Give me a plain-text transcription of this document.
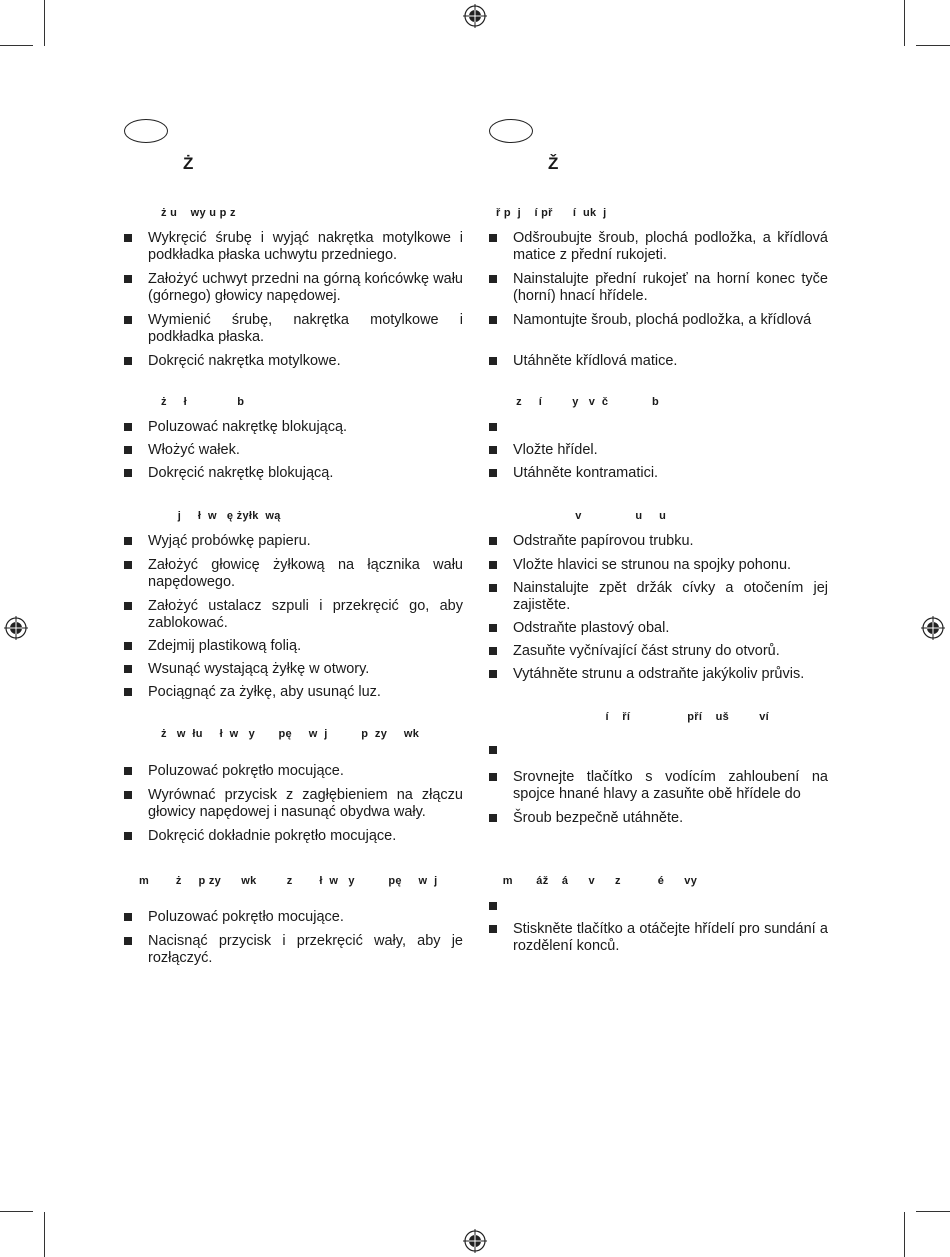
Ż
ż u    wy u p z
Wykręcić śrubę i wyjąć nakrętka motylkowe i podkładka płaska uchwytu przedniego.
Założyć uchwyt przedni na górną końcówkę wału (górnego) głowicy napędowej.
Wymienić śrubę, nakrętka motylkowe i podkładka płaska.
Dokręcić nakrętka motylkowe.
ż     ł               b
Poluzować nakrętkę blokującą.
Włożyć wałek.
Dokręcić nakrętkę blokującą.
j     ł  w   ę żyłk  wą
Wyjąć probówkę papieru.
Założyć głowicę żyłkową na łącznika wału napędowego.
Założyć ustalacz szpuli i przekręcić go, aby zablokować.
Zdejmij plastikową folią.
Wsunąć wystającą żyłkę w otwory.
Pociągnąć za żyłkę, aby usunąć luz.
ż   w  łu     ł  w   y       pę     w  j          p  zy     wk
Poluzować pokrętło mocujące.
Wyrównać przycisk z zagłębieniem na złączu głowicy napędowej i nasunąć obydwa wały.
Dokręcić dokładnie pokrętło mocujące.
m        ż     p zy      wk         z        ł  w   y          pę     w  j
Poluzować pokrętło mocujące.
Nacisnąć przycisk i przekręcić wały, aby je rozłączyć.
Ž
ř p  j    í př      í  uk  j
Odšroubujte šroub, plochá podložka, a křídlová matice z přední rukojeti.
Nainstalujte přední rukojeť na horní konec tyče (horní) hnací hřídele.
Namontujte šroub, plochá podložka, a křídlová
Utáhněte křídlová matice.
z     í         y   v  č             b
Vložte hřídel.
Utáhněte kontramatici.
v                u     u
Odstraňte papírovou trubku.
Vložte hlavici se strunou na spojky pohonu.
Nainstalujte zpět držák cívky a otočením jej zajistěte.
Odstraňte plastový obal.
Zasuňte vyčnívající část struny do otvorů.
Vytáhněte strunu a odstraňte jakýkoliv průvis.
í    ří                 pří    uš         ví
Srovnejte tlačítko s vodícím zahloubení na spojce hnané hlavy a zasuňte obě hřídele do
Šroub bezpečně utáhněte.
m       áž    á      v      z           é      vy
Stiskněte tlačítko a otáčejte hřídelí pro sundání a rozdělení konců.
